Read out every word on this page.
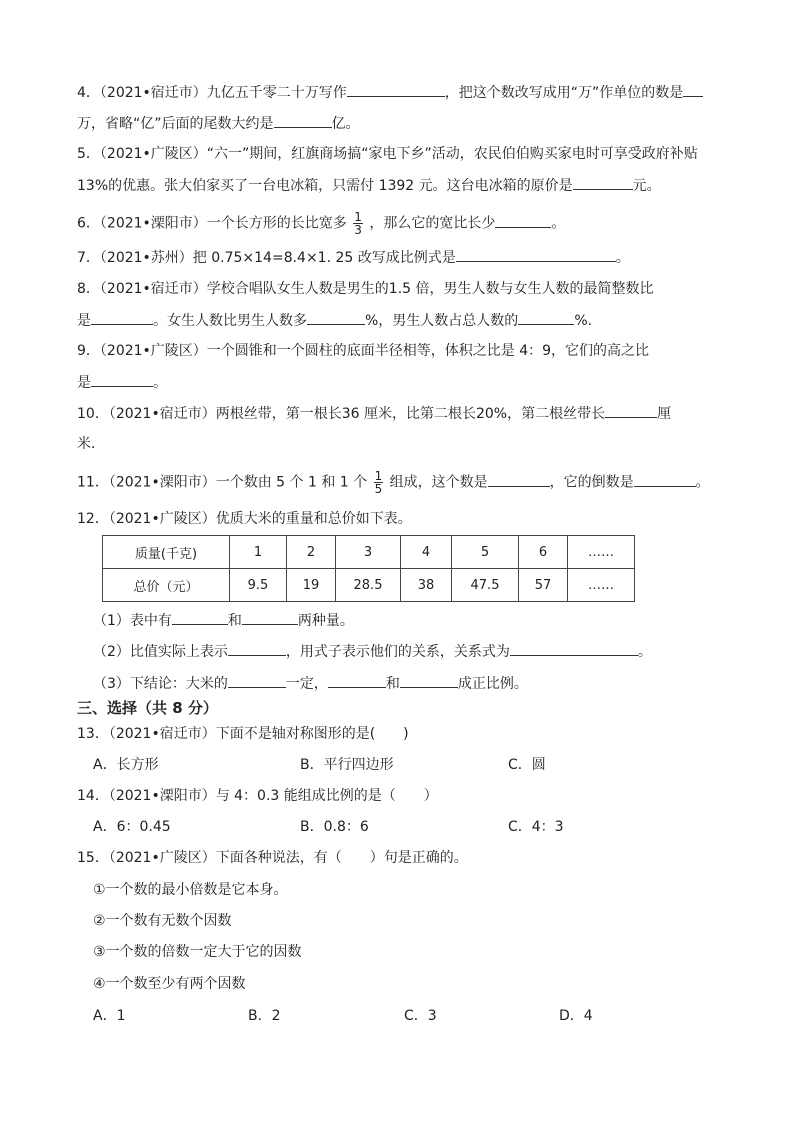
4．（2021•宿迁市）九亿五千零二十万写作	，把这个数改写成用“万”作单位的数是
万，省略“亿”后面的尾数大约是	亿。
5．（2021•广陵区）“六一”期间，红旗商场搞“家电下乡”活动，农民伯伯购买家电时可享受政府补贴
13%的优惠。张大伯家买了一台电冰箱，只需付 1392 元。这台电冰箱的原价是	元。
6．（2021•溧阳市）一个长方形的长比宽多 $\frac{1}{3}$ ，那么它的宽比长少	。
7．（2021•苏州）把 0.75×14=8.4×1. 25 改写成比例式是	。
8．（2021•宿迁市）学校合唱队女生人数是男生的1.5 倍，男生人数与女生人数的最简整数比
是	。女生人数比男生人数多	%，男生人数占总人数的	%.
9．（2021•广陵区）一个圆锥和一个圆柱的底面半径相等，体积之比是 4：9，它们的高之比
是	。
10．（2021•宿迁市）两根丝带，第一根长36 厘米，比第二根长20%，第二根丝带长	厘
米．
11．（2021•溧阳市）一个数由 5 个 1 和 1 个 $\frac{1}{5}$ 组成，这个数是	，它的倒数是	。
12．（2021•广陵区）优质大米的重量和总价如下表。
质量(千克)	1	2	3	4	5	6	……
总价（元）	9.5	19	28.5	38	47.5	57	……
（1）表中有	和	两种量。
（2）比值实际上表示	，用式子表示他们的关系，关系式为	。
（3）下结论：大米的	一定，	和	成正比例。
三、选择（共 8 分）
13．（2021•宿迁市）下面不是轴对称图形的是(　　)
A．长方形	B．平行四边形	C．圆
14．（2021•溧阳市）与 4：0.3 能组成比例的是（　　）
A．6：0.45	B．0.8：6	C．4：3
15．（2021•广陵区）下面各种说法，有（　　）句是正确的。
①一个数的最小倍数是它本身。
②一个数有无数个因数
③一个数的倍数一定大于它的因数
④一个数至少有两个因数
A．1	B．2	C．3	D．4
